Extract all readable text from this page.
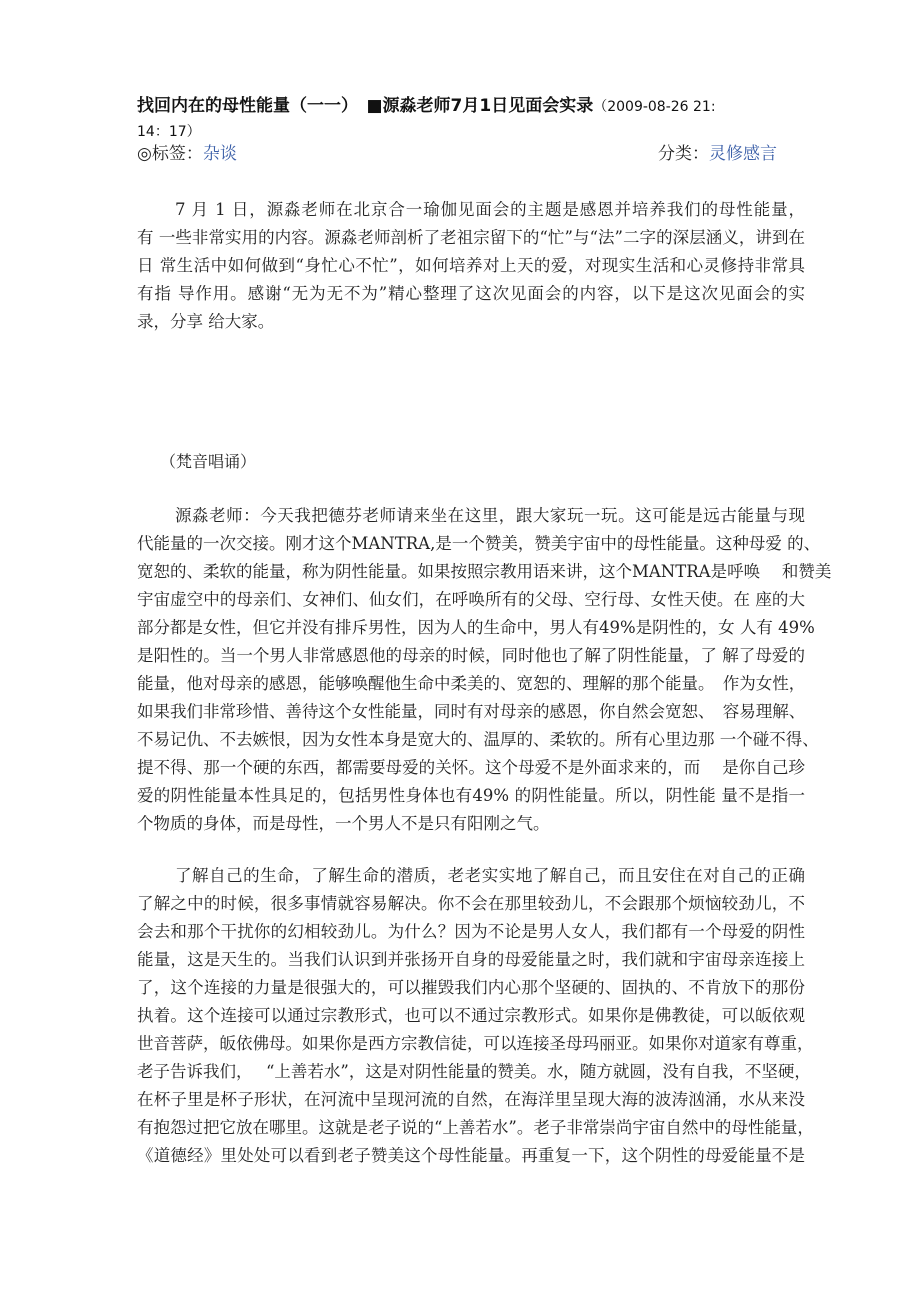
找回内在的母性能量（一一）　■源淼老师7月1日见面会实录（2009-08-26 21:
14：17）
◎标签：杂谈	分类：灵修感言
7 月 1 日，源淼老师在北京合一瑜伽见面会的主题是感恩并培养我们的母性能量，
有 一些非常实用的内容。源淼老师剖析了老祖宗留下的“忙”与“法”二字的深层涵义，讲到在
日 常生活中如何做到“身忙心不忙”，如何培养对上天的爱，对现实生活和心灵修持非常具
有指 导作用。感谢“无为无不为”精心整理了这次见面会的内容，以下是这次见面会的实
录，分享 给大家。
（梵音唱诵）
源淼老师：今天我把德芬老师请来坐在这里，跟大家玩一玩。这可能是远古能量与现
代能量的一次交接。刚才这个MANTRA,是一个赞美，赞美宇宙中的母性能量。这种母爱 的、
宽恕的、柔软的能量，称为阴性能量。如果按照宗教用语来讲，这个MANTRA是呼唤　 和赞美
宇宙虚空中的母亲们、女神们、仙女们，在呼唤所有的父母、空行母、女性天使。在 座的大
部分都是女性，但它并没有排斥男性，因为人的生命中，男人有49%是阴性的，女 人有 49%
是阳性的。当一个男人非常感恩他的母亲的时候，同时他也了解了阴性能量，了 解了母爱的
能量，他对母亲的感恩，能够唤醒他生命中柔美的、宽恕的、理解的那个能量。　作为女性，
如果我们非常珍惜、善待这个女性能量，同时有对母亲的感恩，你自然会宽恕、　容易理解、
不易记仇、不去嫉恨，因为女性本身是宽大的、温厚的、柔软的。所有心里边那 一个碰不得、
提不得、那一个硬的东西，都需要母爱的关怀。这个母爱不是外面求来的，而　 是你自己珍
爱的阴性能量本性具足的，包括男性身体也有49% 的阴性能量。所以，阴性能 量不是指一
个物质的身体，而是母性，一个男人不是只有阳刚之气。
了解自己的生命，了解生命的潜质，老老实实地了解自己，而且安住在对自己的正确
了解之中的时候，很多事情就容易解决。你不会在那里较劲儿，不会跟那个烦恼较劲儿，不
会去和那个干扰你的幻相较劲儿。为什么？因为不论是男人女人，我们都有一个母爱的阴性
能量，这是天生的。当我们认识到并张扬开自身的母爱能量之时，我们就和宇宙母亲连接上
了，这个连接的力量是很强大的，可以摧毁我们内心那个坚硬的、固执的、不肯放下的那份
执着。这个连接可以通过宗教形式，也可以不通过宗教形式。如果你是佛教徒，可以皈依观
世音菩萨，皈依佛母。如果你是西方宗教信徒，可以连接圣母玛丽亚。如果你对道家有尊重，
老子告诉我们，　 “上善若水”，这是对阴性能量的赞美。水，随方就圆，没有自我，不坚硬，
在杯子里是杯子形状，在河流中呈现河流的自然，在海洋里呈现大海的波涛汹涌，水从来没
有抱怨过把它放在哪里。这就是老子说的“上善若水”。老子非常崇尚宇宙自然中的母性能量，
《道德经》里处处可以看到老子赞美这个母性能量。再重复一下，这个阴性的母爱能量不是
